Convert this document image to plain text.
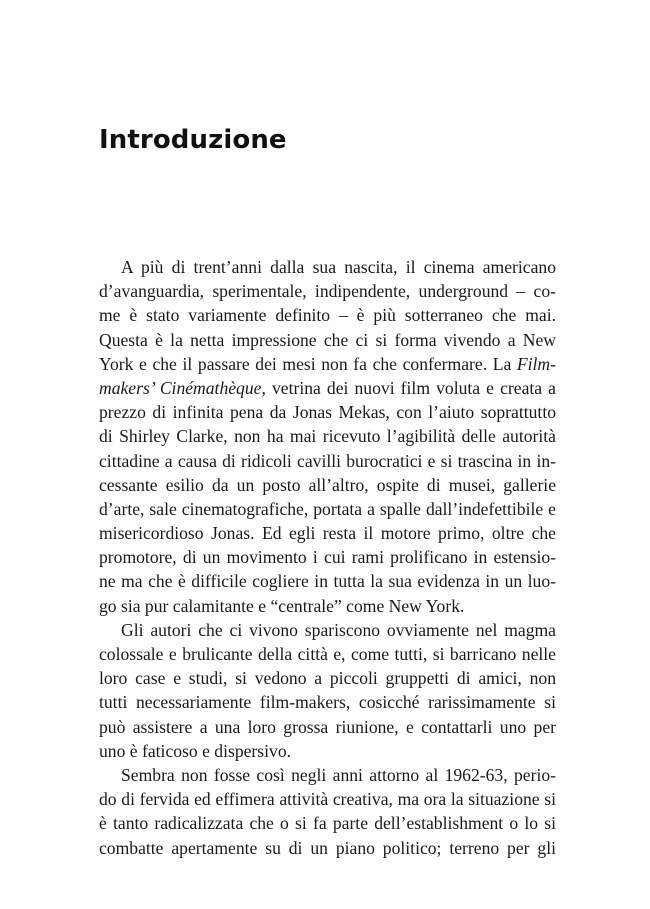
Introduzione
A più di trent’anni dalla sua nascita, il cinema americano
d’avanguardia, sperimentale, indipendente, underground – co-
me è stato variamente definito – è più sotterraneo che mai.
Questa è la netta impressione che ci si forma vivendo a New
York e che il passare dei mesi non fa che confermare. La Film-
makers’ Cinémathèque, vetrina dei nuovi film voluta e creata a
prezzo di infinita pena da Jonas Mekas, con l’aiuto soprattutto
di Shirley Clarke, non ha mai ricevuto l’agibilità delle autorità
cittadine a causa di ridicoli cavilli burocratici e si trascina in in-
cessante esilio da un posto all’altro, ospite di musei, gallerie
d’arte, sale cinematografiche, portata a spalle dall’indefettibile e
misericordioso Jonas. Ed egli resta il motore primo, oltre che
promotore, di un movimento i cui rami prolificano in estensio-
ne ma che è difficile cogliere in tutta la sua evidenza in un luo-
go sia pur calamitante e “centrale” come New York.
Gli autori che ci vivono spariscono ovviamente nel magma
colossale e brulicante della città e, come tutti, si barricano nelle
loro case e studi, si vedono a piccoli gruppetti di amici, non
tutti necessariamente film-makers, cosicché rarissimamente si
può assistere a una loro grossa riunione, e contattarli uno per
uno è faticoso e dispersivo.
Sembra non fosse così negli anni attorno al 1962-63, perio-
do di fervida ed effimera attività creativa, ma ora la situazione si
è tanto radicalizzata che o si fa parte dell’establishment o lo si
combatte apertamente su di un piano politico; terreno per gli
